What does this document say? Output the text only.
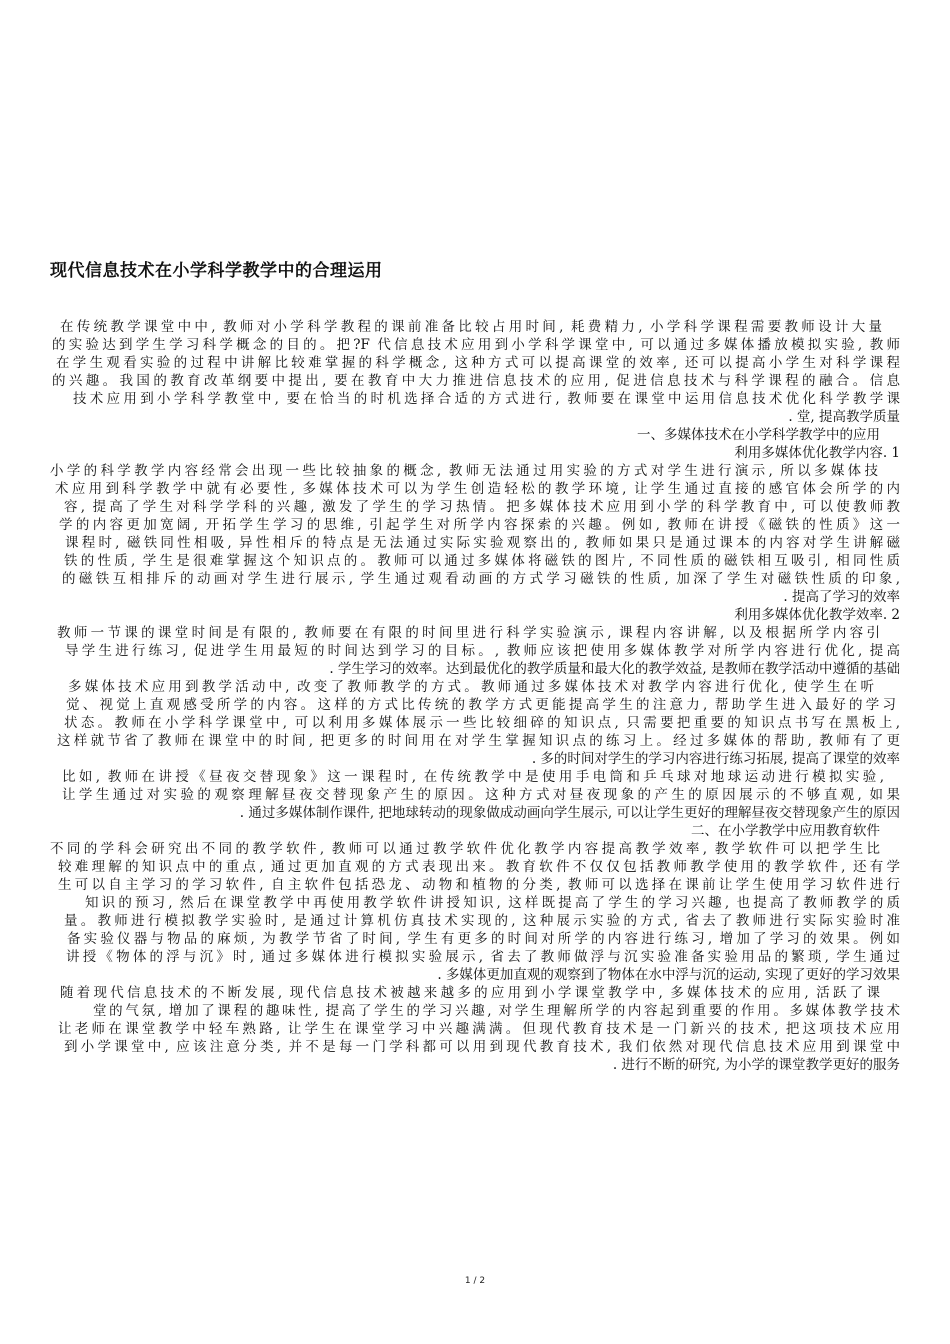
现代信息技术在小学科学教学中的合理运用
在传统教学课堂中中, 教师对小学科学教程的课前准备比较占用时间, 耗费精力, 小学科学课程需要教师设计大量
的实验达到学生学习科学概念的目的。把?F 代信息技术应用到小学科学课堂中, 可以通过多媒体播放模拟实验, 教师
在学生观看实验的过程中讲解比较难掌握的科学概念, 这种方式可以提高课堂的效率, 还可以提高小学生对科学课程
的兴趣。我国的教育改革纲要中提出, 要在教育中大力推进信息技术的应用, 促进信息技术与科学课程的融合。信息
技术应用到小学科学教堂中, 要在恰当的时机选择合适的方式进行, 教师要在课堂中运用信息技术优化科学教学课
. 堂, 提高教学质量
一、多媒体技术在小学科学教学中的应用
利用多媒体优化教学内容. 1
小学的科学教学内容经常会出现一些比较抽象的概念, 教师无法通过用实验的方式对学生进行演示, 所以多媒体技
术应用到科学教学中就有必要性, 多媒体技术可以为学生创造轻松的教学环境, 让学生通过直接的感官体会所学的内
容, 提高了学生对科学学科的兴趣, 激发了学生的学习热情。把多媒体技术应用到小学的科学教育中, 可以使教师教
学的内容更加宽阔, 开拓学生学习的思维, 引起学生对所学内容探索的兴趣。例如, 教师在讲授《磁铁的性质》这一
课程时, 磁铁同性相吸, 异性相斥的特点是无法通过实际实验观察出的, 教师如果只是通过课本的内容对学生讲解磁
铁的性质, 学生是很难掌握这个知识点的。教师可以通过多媒体将磁铁的图片, 不同性质的磁铁相互吸引, 相同性质
的磁铁互相排斥的动画对学生进行展示, 学生通过观看动画的方式学习磁铁的性质, 加深了学生对磁铁性质的印象,
. 提高了学习的效率
利用多媒体优化教学效率. 2
教师一节课的课堂时间是有限的, 教师要在有限的时间里进行科学实验演示, 课程内容讲解, 以及根据所学内容引
导学生进行练习, 促进学生用最短的时间达到学习的目标。, 教师应该把使用多媒体教学对所学内容进行优化, 提高
. 学生学习的效率。达到最优化的教学质量和最大化的教学效益, 是教师在教学活动中遵循的基础
多媒体技术应用到教学活动中, 改变了教师教学的方式。教师通过多媒体技术对教学内容进行优化, 使学生在听
觉、视觉上直观感受所学的内容。这样的方式比传统的教学方式更能提高学生的注意力, 帮助学生进入最好的学习
状态。教师在小学科学课堂中, 可以利用多媒体展示一些比较细碎的知识点, 只需要把重要的知识点书写在黑板上,
这样就节省了教师在课堂中的时间, 把更多的时间用在对学生掌握知识点的练习上。经过多媒体的帮助, 教师有了更
. 多的时间对学生的学习内容进行练习拓展, 提高了课堂的效率
比如, 教师在讲授《昼夜交替现象》这一课程时, 在传统教学中是使用手电筒和乒乓球对地球运动进行模拟实验,
让学生通过对实验的观察理解昼夜交替现象产生的原因。这种方式对昼夜现象的产生的原因展示的不够直观, 如果
. 通过多媒体制作课件, 把地球转动的现象做成动画向学生展示, 可以让学生更好的理解昼夜交替现象产生的原因
二、在小学教学中应用教育软件
不同的学科会研究出不同的教学软件, 教师可以通过教学软件优化教学内容提高教学效率, 教学软件可以把学生比
较难理解的知识点中的重点, 通过更加直观的方式表现出来。教育软件不仅仅包括教师教学使用的教学软件, 还有学
生可以自主学习的学习软件, 自主软件包括恐龙、动物和植物的分类, 教师可以选择在课前让学生使用学习软件进行
知识的预习, 然后在课堂教学中再使用教学软件讲授知识, 这样既提高了学生的学习兴趣, 也提高了教师教学的质
量。教师进行模拟教学实验时, 是通过计算机仿真技术实现的, 这种展示实验的方式, 省去了教师进行实际实验时准
备实验仪器与物品的麻烦, 为教学节省了时间, 学生有更多的时间对所学的内容进行练习, 增加了学习的效果。例如
讲授《物体的浮与沉》时, 通过多媒体进行模拟实验展示, 省去了教师做浮与沉实验准备实验用品的繁琐, 学生通过
. 多媒体更加直观的观察到了物体在水中浮与沉的运动, 实现了更好的学习效果
随着现代信息技术的不断发展, 现代信息技术被越来越多的应用到小学课堂教学中, 多媒体技术的应用, 活跃了课
堂的气氛, 增加了课程的趣味性, 提高了学生的学习兴趣, 对学生理解所学的内容起到重要的作用。多媒体教学技术
让老师在课堂教学中轻车熟路, 让学生在课堂学习中兴趣满满。但现代教育技术是一门新兴的技术, 把这项技术应用
到小学课堂中, 应该注意分类, 并不是每一门学科都可以用到现代教育技术, 我们依然对现代信息技术应用到课堂中
. 进行不断的研究, 为小学的课堂教学更好的服务
1 / 2
